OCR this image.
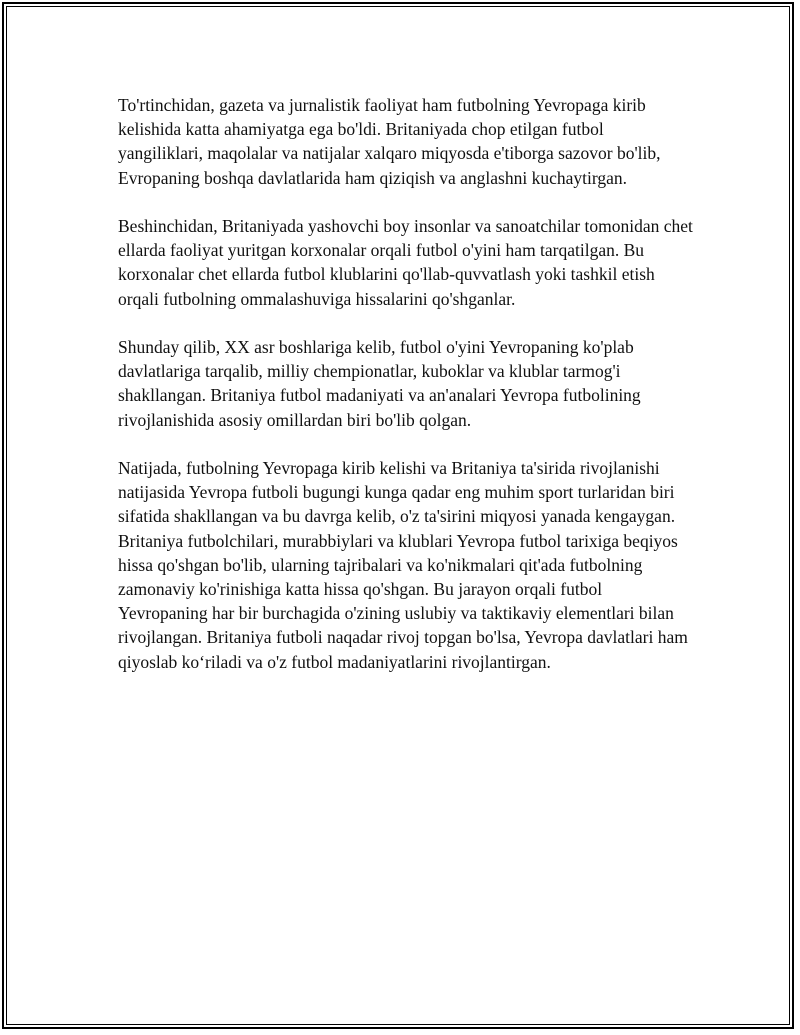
To'rtinchidan, gazeta va jurnalistik faoliyat ham futbolning Yevropaga kirib kelishida katta ahamiyatga ega bo'ldi. Britaniyada chop etilgan futbol yangiliklari, maqolalar va natijalar xalqaro miqyosda e'tiborga sazovor bo'lib, Evropaning boshqa davlatlarida ham qiziqish va anglashni kuchaytirgan.

Beshinchidan, Britaniyada yashovchi boy insonlar va sanoatchilar tomonidan chet ellarda faoliyat yuritgan korxonalar orqali futbol o'yini ham tarqatilgan. Bu korxonalar chet ellarda futbol klublarini qo'llab-quvvatlash yoki tashkil etish orqali futbolning ommalashuviga hissalarini qo'shganlar.

Shunday qilib, XX asr boshlariga kelib, futbol o'yini Yevropaning ko'plab davlatlariga tarqalib, milliy chempionatlar, kuboklar va klublar tarmog'i shakllangan. Britaniya futbol madaniyati va an'analari Yevropa futbolining rivojlanishida asosiy omillardan biri bo'lib qolgan.

Natijada, futbolning Yevropaga kirib kelishi va Britaniya ta'sirida rivojlanishi natijasida Yevropa futboli bugungi kunga qadar eng muhim sport turlaridan biri sifatida shakllangan va bu davrga kelib, o'z ta'sirini miqyosi yanada kengaygan. Britaniya futbolchilari, murabbiylari va klublari Yevropa futbol tarixiga beqiyos hissa qo'shgan bo'lib, ularning tajribalari va ko'nikmalari qit'ada futbolning zamonaviy ko'rinishiga katta hissa qo'shgan. Bu jarayon orqali futbol Yevropaning har bir burchagida o'zining uslubiy va taktikaviy elementlari bilan rivojlangan. Britaniya futboli naqadar rivoj topgan bo'lsa, Yevropa davlatlari ham qiyoslab ko‘riladi va o'z futbol madaniyatlarini rivojlantirgan.
